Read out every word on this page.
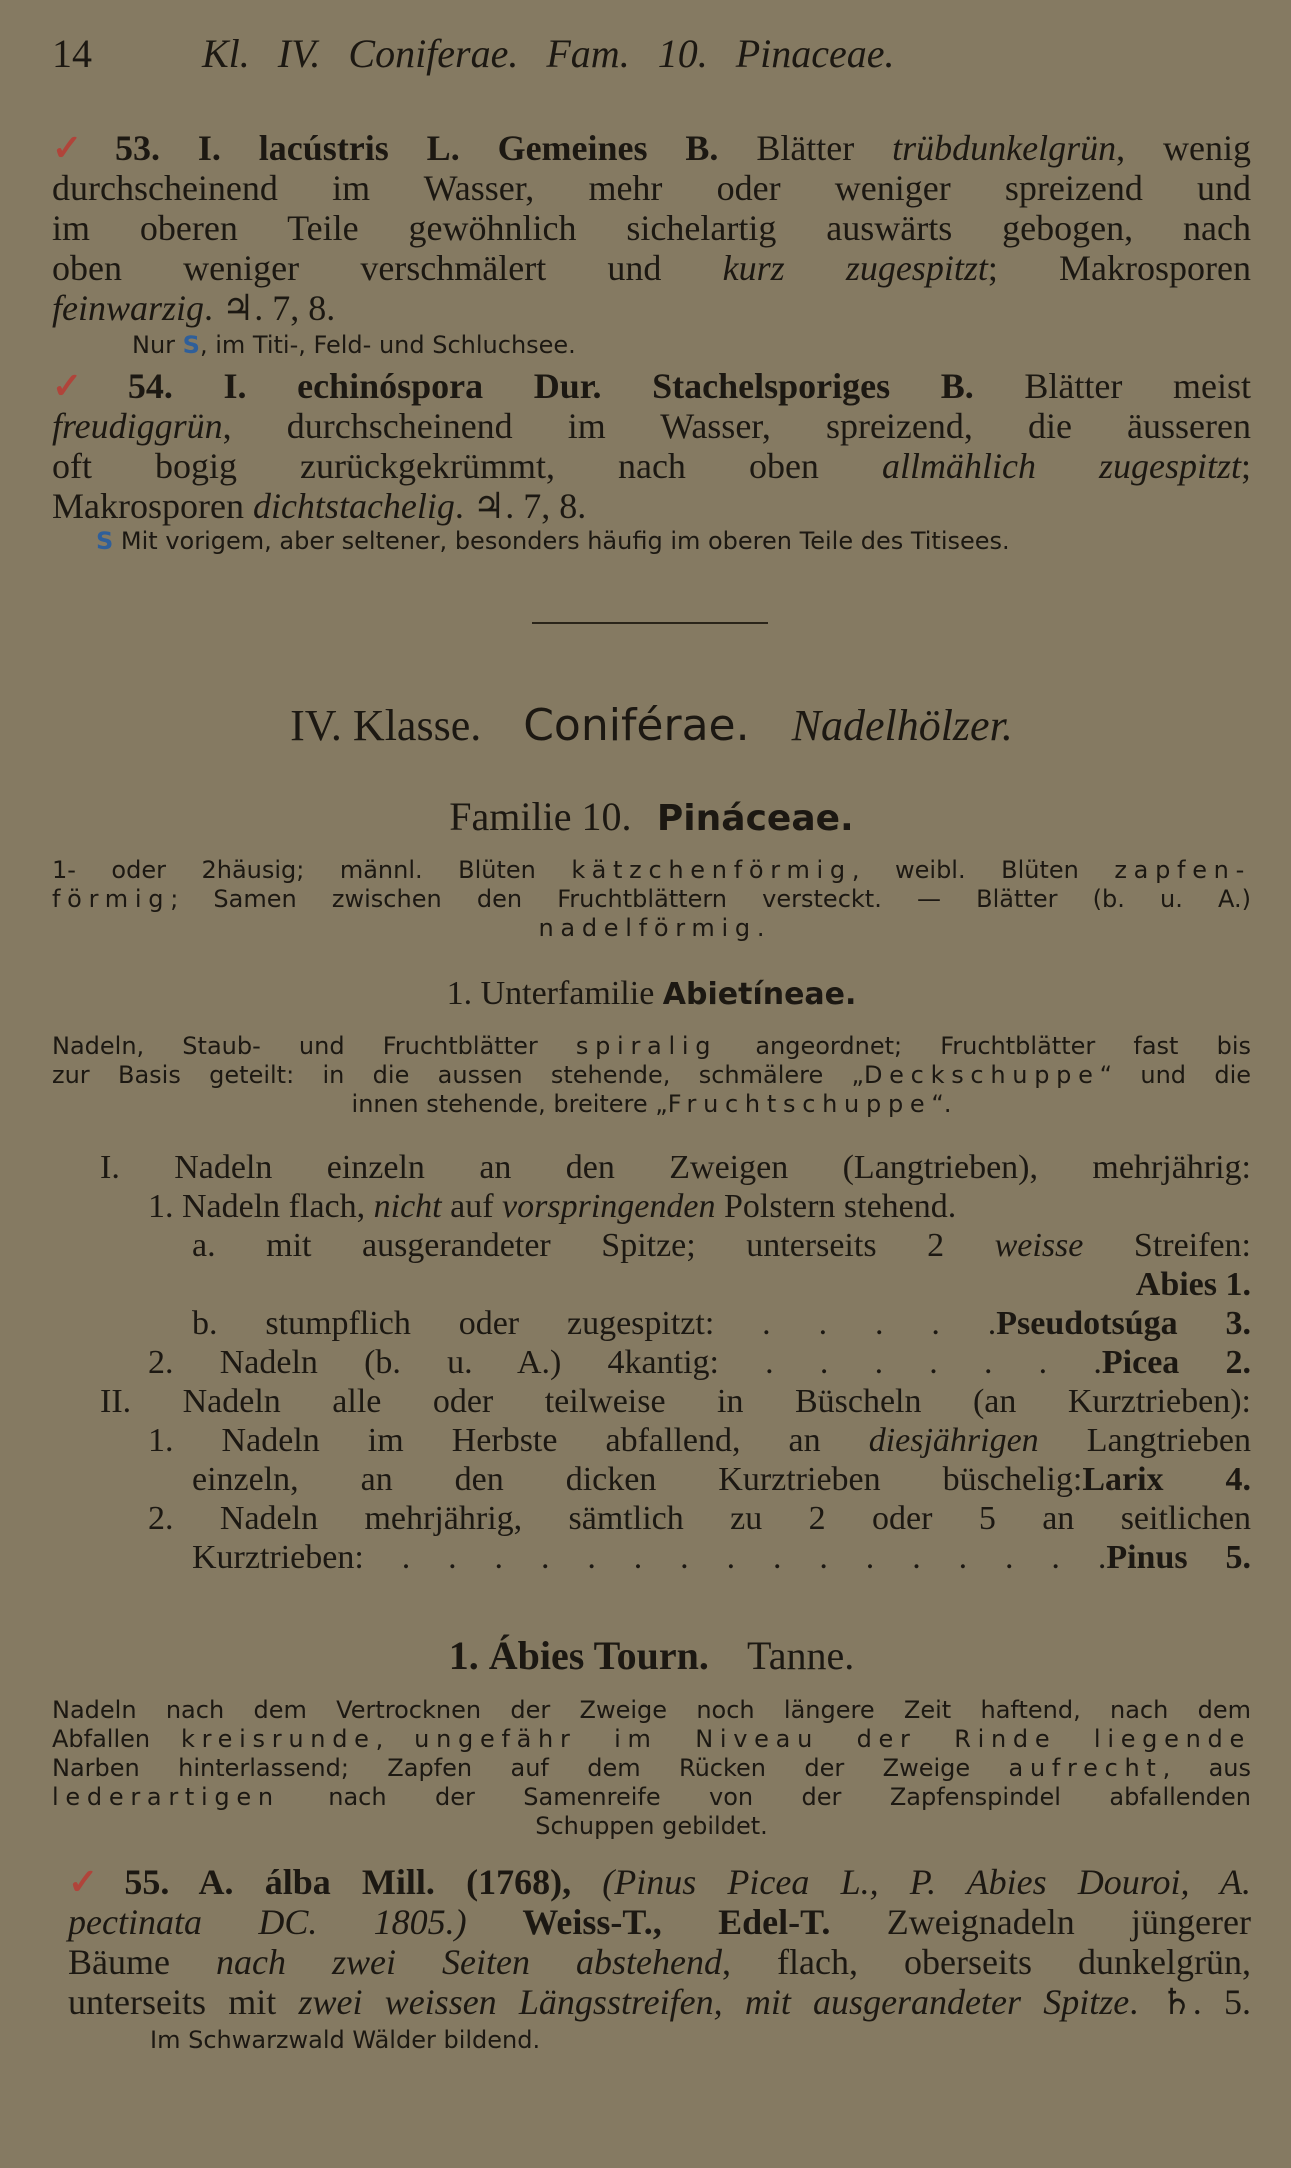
14	Kl. IV. Coniferae. Fam. 10. Pinaceae.
✓ 53. I. lacústris L. Gemeines B. Blätter trübdunkelgrün, wenig
durchscheinend im Wasser, mehr oder weniger spreizend und
im oberen Teile gewöhnlich sichelartig auswärts gebogen, nach
oben weniger verschmälert und kurz zugespitzt; Makrosporen
feinwarzig. ♃. 7, 8.
Nur S, im Titi-, Feld- und Schluchsee.
✓ 54. I. echinóspora Dur. Stachelsporiges B. Blätter meist
freudiggrün, durchscheinend im Wasser, spreizend, die äusseren
oft bogig zurückgekrümmt, nach oben allmählich zugespitzt;
Makrosporen dichtstachelig. ♃. 7, 8.
S Mit vorigem, aber seltener, besonders häufig im oberen Teile des Titisees.
IV. Klasse. Coniférae. Nadelhölzer.
Familie 10. Pináceae.
1- oder 2häusig; männl. Blüten kätzchenförmig, weibl. Blüten zapfen-
förmig; Samen zwischen den Fruchtblättern versteckt. — Blätter (b. u. A.)
nadelförmig.
1. Unterfamilie Abietíneae.
Nadeln, Staub- und Fruchtblätter spiralig angeordnet; Fruchtblätter fast bis
zur Basis geteilt: in die aussen stehende, schmälere „Deckschuppe“ und die
innen stehende, breitere „Fruchtschuppe“.
I. Nadeln einzeln an den Zweigen (Langtrieben), mehrjährig:
1. Nadeln flach, nicht auf vorspringenden Polstern stehend.
a. mit ausgerandeter Spitze; unterseits 2 weisse Streifen:
Abies 1.
b. stumpflich oder zugespitzt: . . . . .Pseudotsúga 3.
2. Nadeln (b. u. A.) 4kantig: . . . . . . .Picea 2.
II. Nadeln alle oder teilweise in Büscheln (an Kurztrieben):
1. Nadeln im Herbste abfallend, an diesjährigen Langtrieben
einzeln, an den dicken Kurztrieben büschelig:Larix 4.
2. Nadeln mehrjährig, sämtlich zu 2 oder 5 an seitlichen
Kurztrieben: . . . . . . . . . . . . . . . .Pinus 5.
1. Ábies Tourn. Tanne.
Nadeln nach dem Vertrocknen der Zweige noch längere Zeit haftend, nach dem
Abfallen kreisrunde, ungefähr im Niveau der Rinde liegende
Narben hinterlassend; Zapfen auf dem Rücken der Zweige aufrecht, aus
lederartigen nach der Samenreife von der Zapfenspindel abfallenden
Schuppen gebildet.
✓ 55. A. álba Mill. (1768), (Pinus Picea L., P. Abies Douroi, A.
pectinata DC. 1805.) Weiss-T., Edel-T. Zweignadeln jüngerer
Bäume nach zwei Seiten abstehend, flach, oberseits dunkelgrün,
unterseits mit zwei weissen Längsstreifen, mit ausgerandeter Spitze. ♄. 5.
Im Schwarzwald Wälder bildend.
